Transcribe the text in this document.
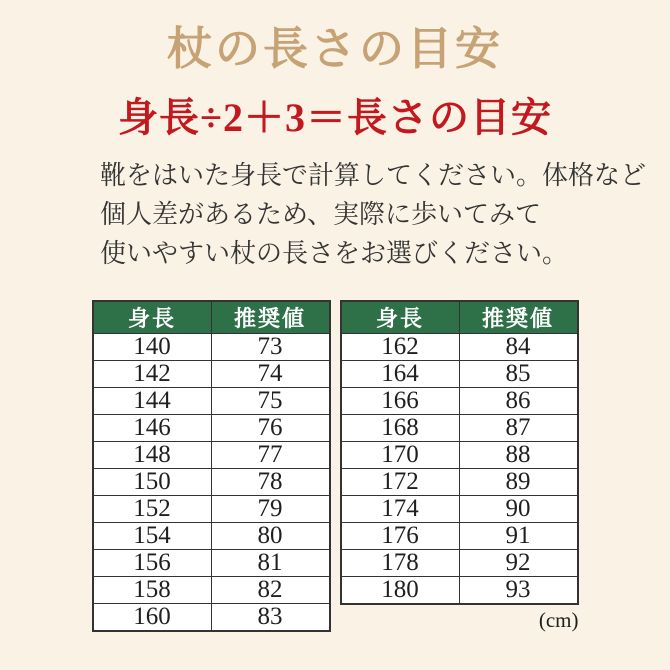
杖の長さの目安
身長÷2＋3＝長さの目安
靴をはいた身長で計算してください。体格など
個人差があるため、実際に歩いてみて
使いやすい杖の長さをお選びください。
身長	推奨値
140	73
142	74
144	75
146	76
148	77
150	78
152	79
154	80
156	81
158	82
160	83
身長	推奨値
162	84
164	85
166	86
168	87
170	88
172	89
174	90
176	91
178	92
180	93
(cm)
